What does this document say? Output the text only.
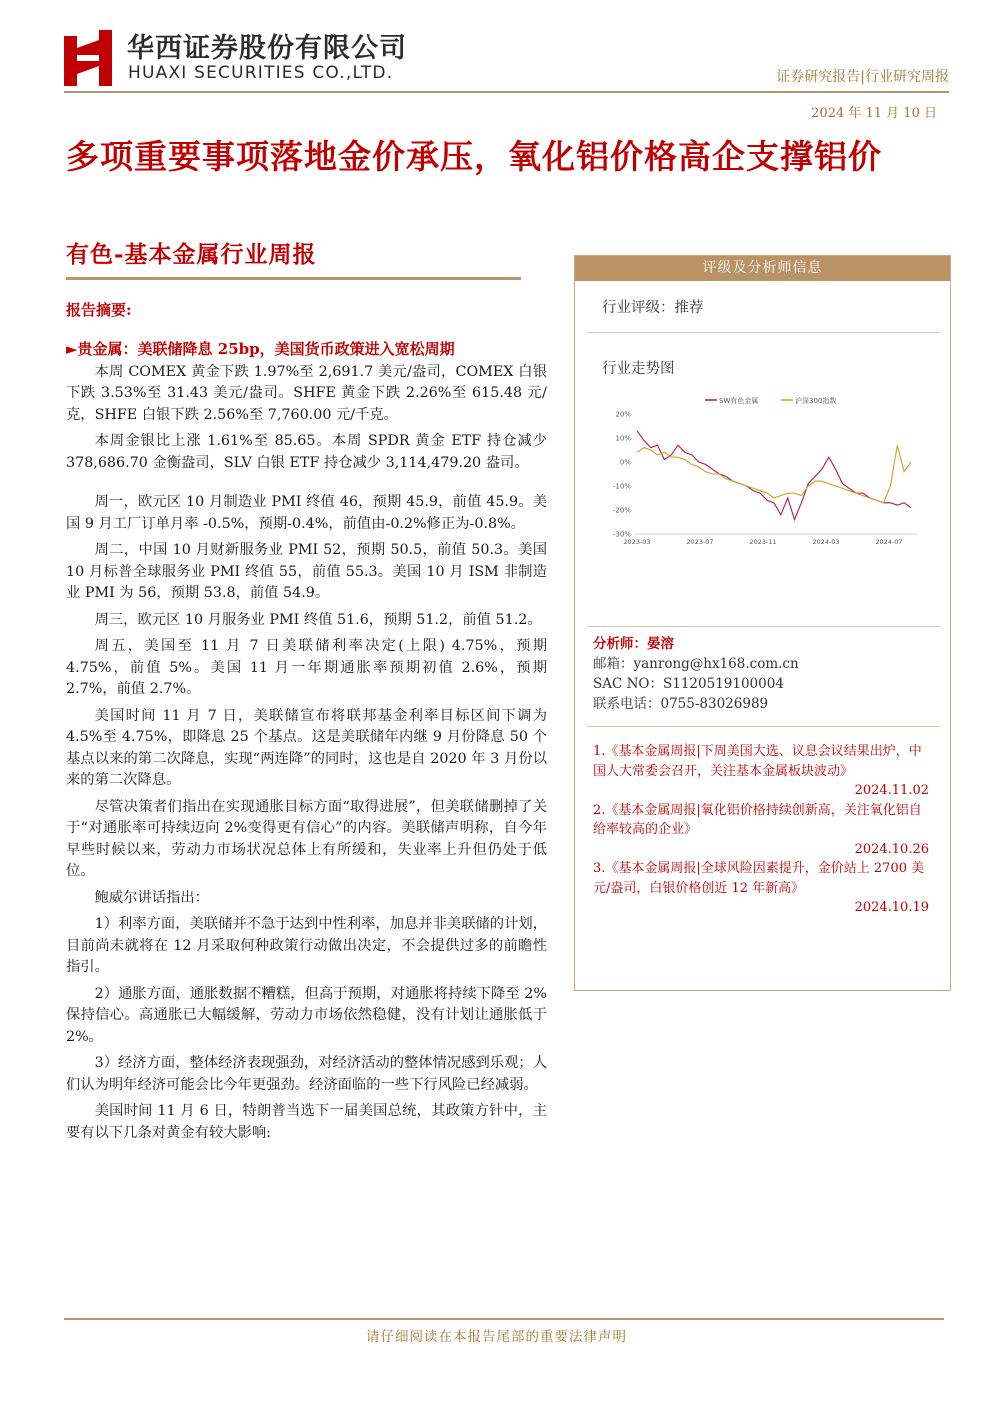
华西证券股份有限公司
HUAXI SECURITIES CO.,LTD.	证券研究报告|行业研究周报
2024 年 11 月 10 日
多项重要事项落地金价承压，氧化铝价格高企支撑铝价
有色-基本金属行业周报
报告摘要:
►贵金属：美联储降息 25bp，美国货币政策进入宽松周期

本周 COMEX 黄金下跌 1.97%至 2,691.7 美元/盎司，COMEX 白银下跌 3.53%至 31.43 美元/盎司。SHFE 黄金下跌 2.26%至 615.48 元/克，SHFE 白银下跌 2.56%至 7,760.00 元/千克。

本周金银比上涨 1.61%至 85.65。本周 SPDR 黄金 ETF 持仓减少 378,686.70 金衡盎司，SLV 白银 ETF 持仓减少 3,114,479.20 盎司。

周一，欧元区 10 月制造业 PMI 终值 46，预期 45.9，前值 45.9。美国 9 月工厂订单月率 -0.5%，预期-0.4%，前值由-0.2%修正为-0.8%。

周二，中国 10 月财新服务业 PMI 52，预期 50.5，前值 50.3。美国 10 月标普全球服务业 PMI 终值 55，前值 55.3。美国 10 月 ISM 非制造业 PMI 为 56，预期 53.8，前值 54.9。

周三，欧元区 10 月服务业 PMI 终值 51.6，预期 51.2，前值 51.2。

周五，美国至 11 月 7 日美联储利率决定(上限) 4.75%，预期 4.75%，前值 5%。美国 11 月一年期通胀率预期初值 2.6%，预期 2.7%，前值 2.7%。

美国时间 11 月 7 日，美联储宣布将联邦基金利率目标区间下调为 4.5%至 4.75%，即降息 25 个基点。这是美联储年内继 9 月份降息 50 个基点以来的第二次降息，实现“两连降”的同时，这也是自 2020 年 3 月份以来的第二次降息。

尽管决策者们指出在实现通胀目标方面“取得进展”，但美联储删掉了关于“对通胀率可持续迈向 2%变得更有信心”的内容。美联储声明称，自今年早些时候以来，劳动力市场状况总体上有所缓和，失业率上升但仍处于低位。

鲍威尔讲话指出：

1）利率方面，美联储并不急于达到中性利率，加息并非美联储的计划，目前尚未就将在 12 月采取何种政策行动做出决定，不会提供过多的前瞻性指引。

2）通胀方面，通胀数据不糟糕，但高于预期，对通胀将持续下降至 2%保持信心。高通胀已大幅缓解，劳动力市场依然稳健，没有计划让通胀低于 2%。

3）经济方面，整体经济表现强劲，对经济活动的整体情况感到乐观；人们认为明年经济可能会比今年更强劲。经济面临的一些下行风险已经减弱。

美国时间 11 月 6 日，特朗普当选下一届美国总统，其政策方针中，主要有以下几条对黄金有较大影响:

评级及分析师信息
行业评级：推荐
行业走势图
SW有色金属	沪深300指数
20%
10%
0%
-10%
-20%
-30%
2023-03	2023-07	2023-11	2024-03	2024-07
分析师：晏溶
邮箱：yanrong@hx168.com.cn
SAC NO：S1120519100004
联系电话：0755-83026989
1.《基本金属周报|下周美国大选、议息会议结果出炉，中国人大常委会召开，关注基本金属板块波动》
2024.11.02
2.《基本金属周报|氧化铝价格持续创新高，关注氧化铝自给率较高的企业》
2024.10.26
3.《基本金属周报|全球风险因素提升，金价站上 2700 美元/盎司，白银价格创近 12 年新高》
2024.10.19
请仔细阅读在本报告尾部的重要法律声明
